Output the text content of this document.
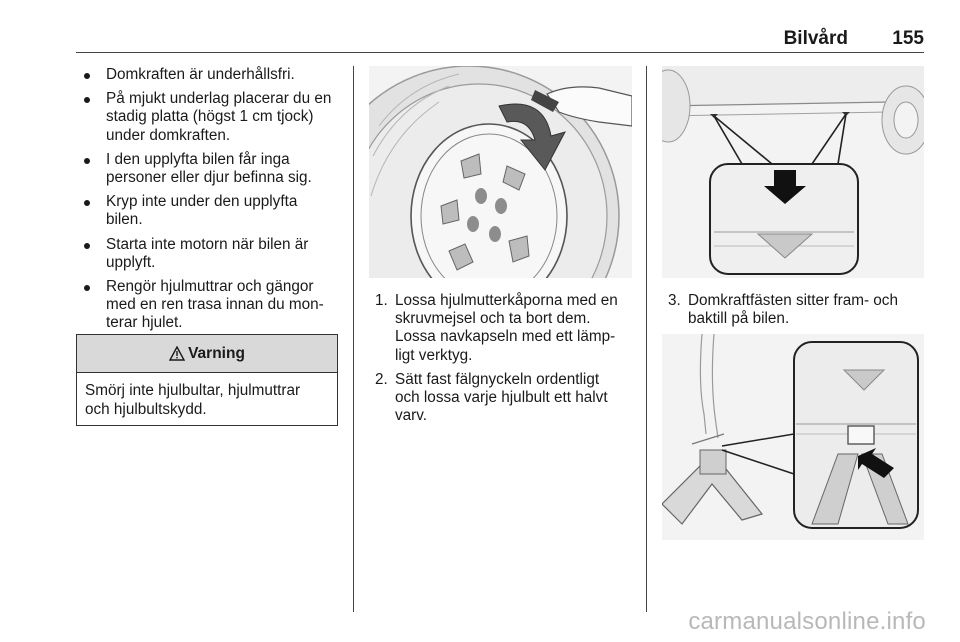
Bilvård 155
Domkraften är underhållsfri.
På mjukt underlag placerar du en
stadig platta (högst 1 cm tjock)
under domkraften.
I den upplyfta bilen får inga
personer eller djur befinna sig.
Kryp inte under den upplyfta
bilen.
Starta inte motorn när bilen är
upplyft.
Rengör hjulmuttrar och gängor
med en ren trasa innan du mon-
terar hjulet.
Varning
Smörj inte hjulbultar, hjulmuttrar
och hjulbultskydd.
1. Lossa hjulmutterkåporna med en
skruvmejsel och ta bort dem.
Lossa navkapseln med ett lämp-
ligt verktyg.
2. Sätt fast fälgnyckeln ordentligt
och lossa varje hjulbult ett halvt
varv.
3. Domkraftfästen sitter fram- och
baktill på bilen.
carmanualsonline.info
